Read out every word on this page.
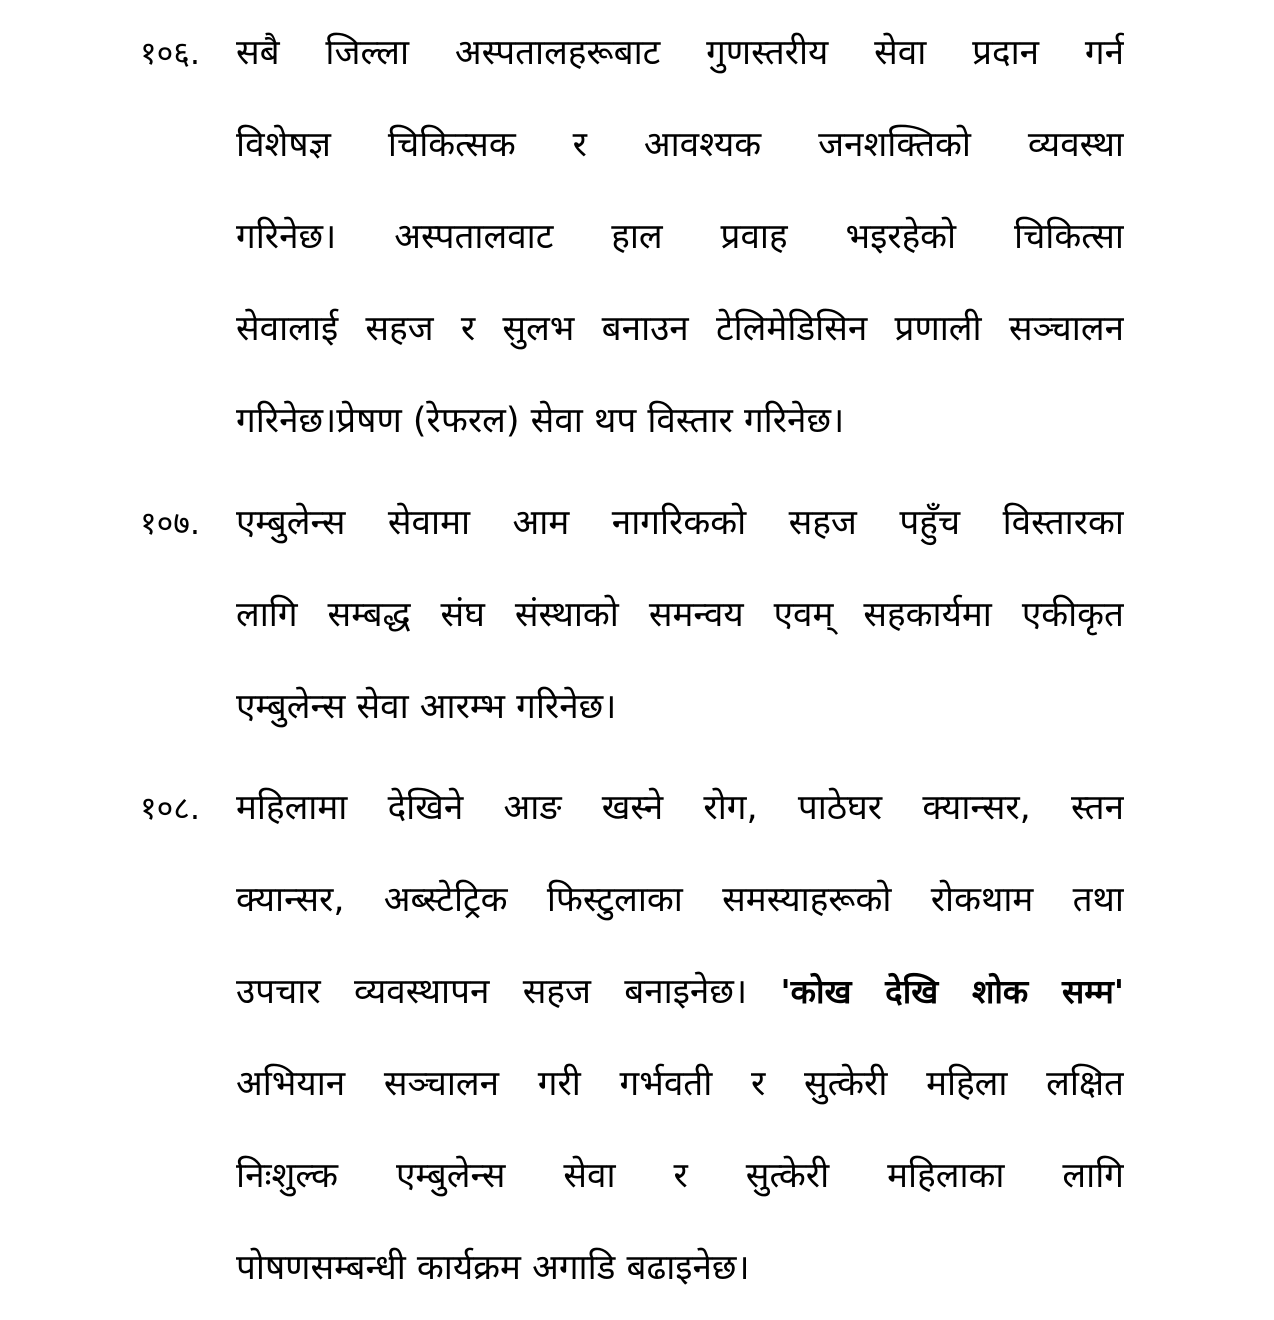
१०६.	सबै जिल्ला अस्पतालहरूबाट गुणस्तरीय सेवा प्रदान गर्न
विशेषज्ञ चिकित्सक र आवश्यक जनशक्तिको व्यवस्था
गरिनेछ। अस्पतालवाट हाल प्रवाह भइरहेको चिकित्सा
सेवालाई सहज र सुलभ बनाउन टेलिमेडिसिन प्रणाली सञ्चालन
गरिनेछ।प्रेषण (रेफरल) सेवा थप विस्तार गरिनेछ।
१०७.	एम्बुलेन्स सेवामा आम नागरिकको सहज पहुँच विस्तारका
लागि सम्बद्ध संघ संस्थाको समन्वय एवम् सहकार्यमा एकीकृत
एम्बुलेन्स सेवा आरम्भ गरिनेछ।
१०८.	महिलामा देखिने आङ खस्ने रोग, पाठेघर क्यान्सर, स्तन
क्यान्सर, अब्स्टेट्रिक फिस्टुलाका समस्याहरूको रोकथाम तथा
उपचार व्यवस्थापन सहज बनाइनेछ। 'कोख देखि शोक सम्म'
अभियान सञ्चालन गरी गर्भवती र सुत्केरी महिला लक्षित
निःशुल्क एम्बुलेन्स सेवा र सुत्केरी महिलाका लागि
पोषणसम्बन्धी कार्यक्रम अगाडि बढाइनेछ।
